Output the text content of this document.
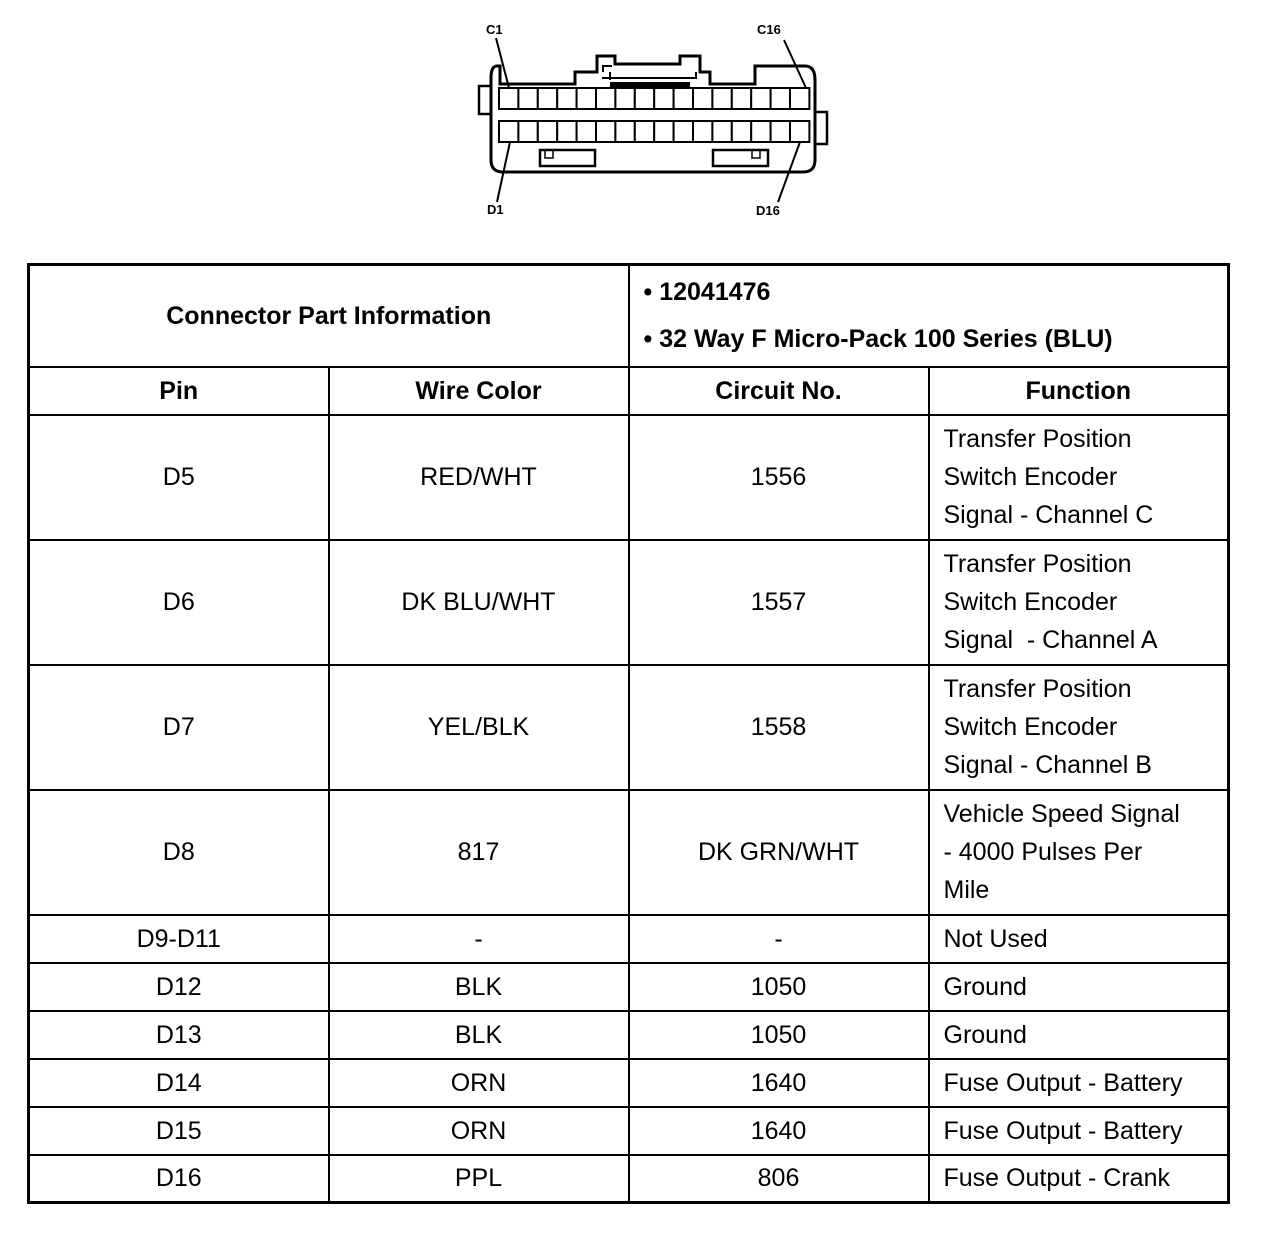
C1	C16
D1	D16
Connector Part Information		• 12041476
• 32 Way F Micro-Pack 100 Series (BLU)

Pin	Wire Color	Circuit No.	Function
D5	RED/WHT	1556	Transfer Position
Switch Encoder
Signal - Channel C

D6	DK BLU/WHT	1557	Transfer Position
Switch Encoder
Signal  - Channel A

D7	YEL/BLK	1558	Transfer Position
Switch Encoder
Signal - Channel B

D8	817	DK GRN/WHT	Vehicle Speed Signal
- 4000 Pulses Per
Mile

D9-D11	-	-	Not Used

D12	BLK	1050	Ground

D13	BLK	1050	Ground

D14	ORN	1640	Fuse Output - Battery

D15	ORN	1640	Fuse Output - Battery

D16	PPL	806	Fuse Output - Crank
